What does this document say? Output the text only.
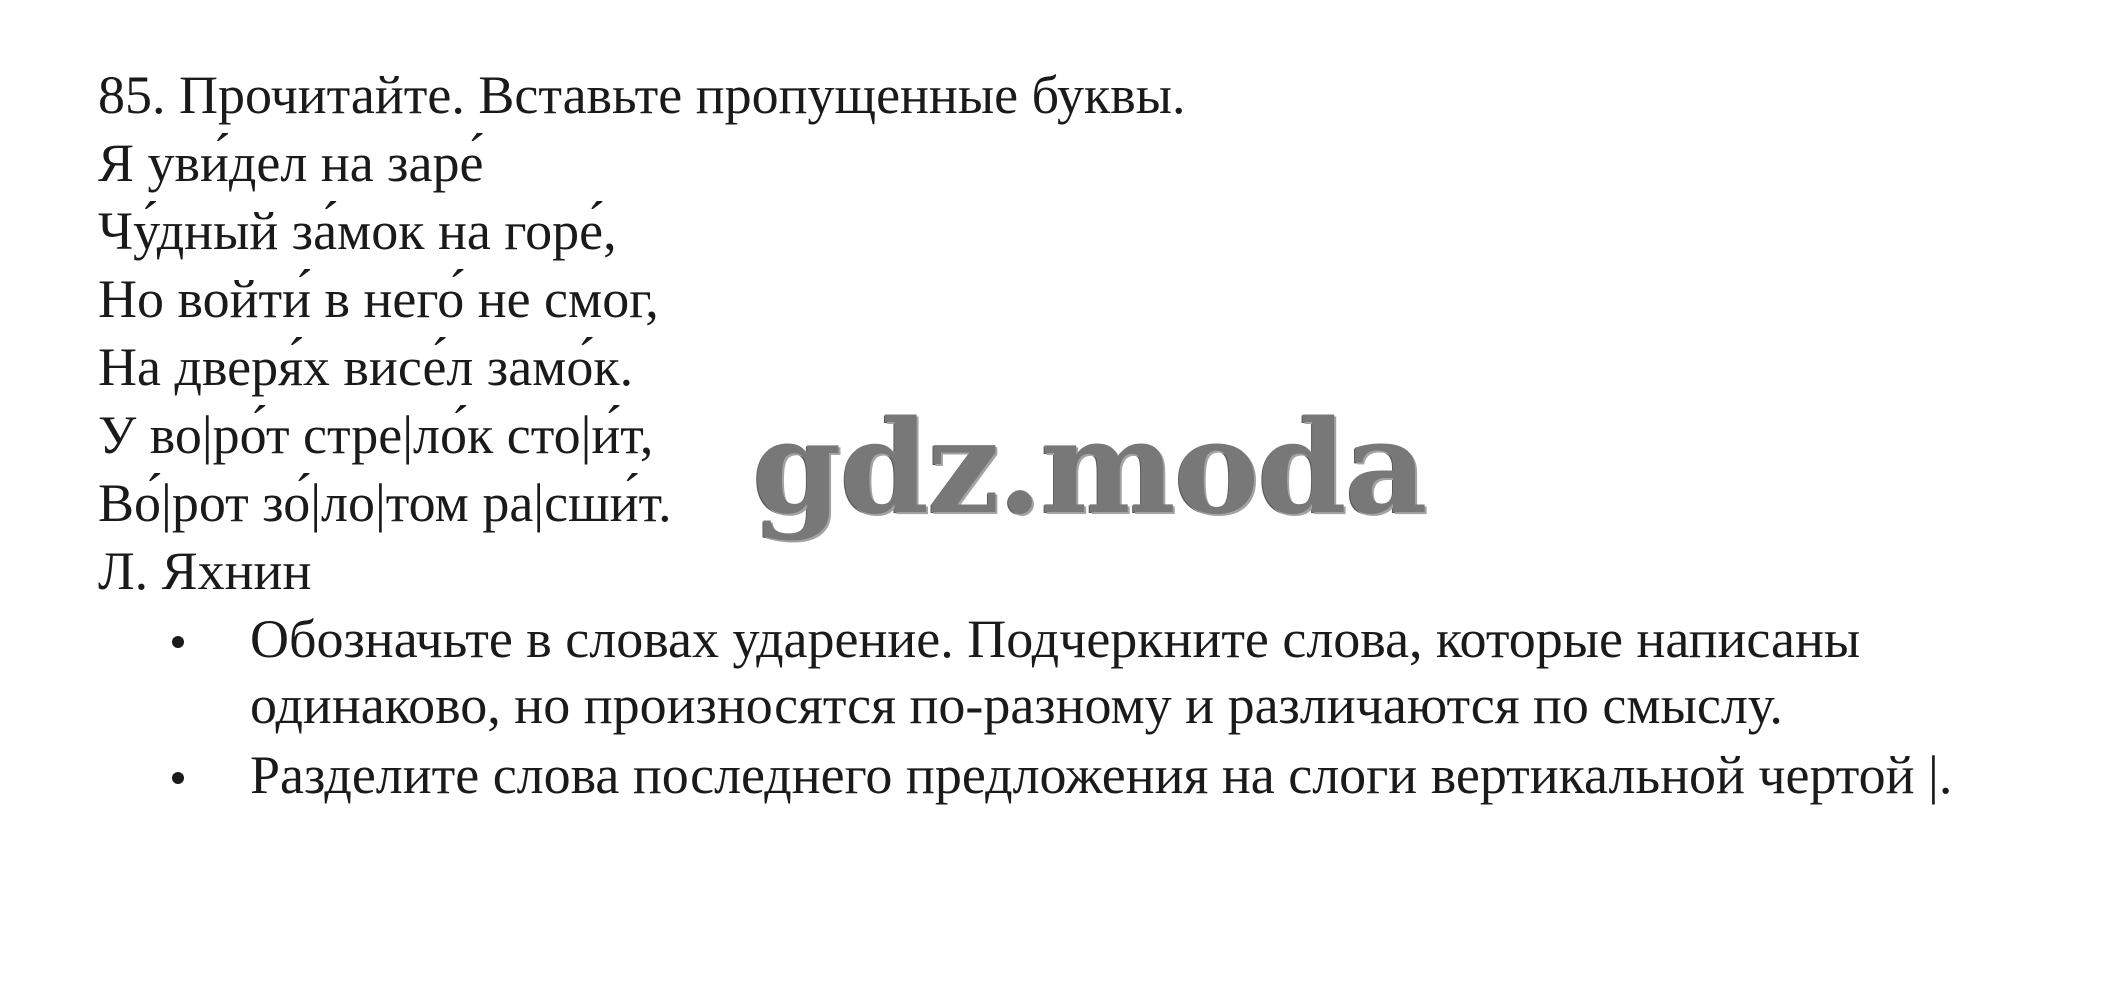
85. Прочитайте. Вставьте пропущенные буквы.
Я уви́дел на заре́
Чу́дный за́мок на горе́,
Но войти́ в него́ не смог,
На дверя́х висе́л замо́к.
У во|ро́т стре|ло́к сто|и́т,
Во́|рот зо́|ло|том ра|сши́т.
Л. Яхнин
Обозначьте в словах ударение. Подчеркните слова, которые написаны одинаково, но произносятся по-разному и различаются по смыслу.
Разделите слова последнего предложения на слоги вертикальной чертой |.
gdz.moda
